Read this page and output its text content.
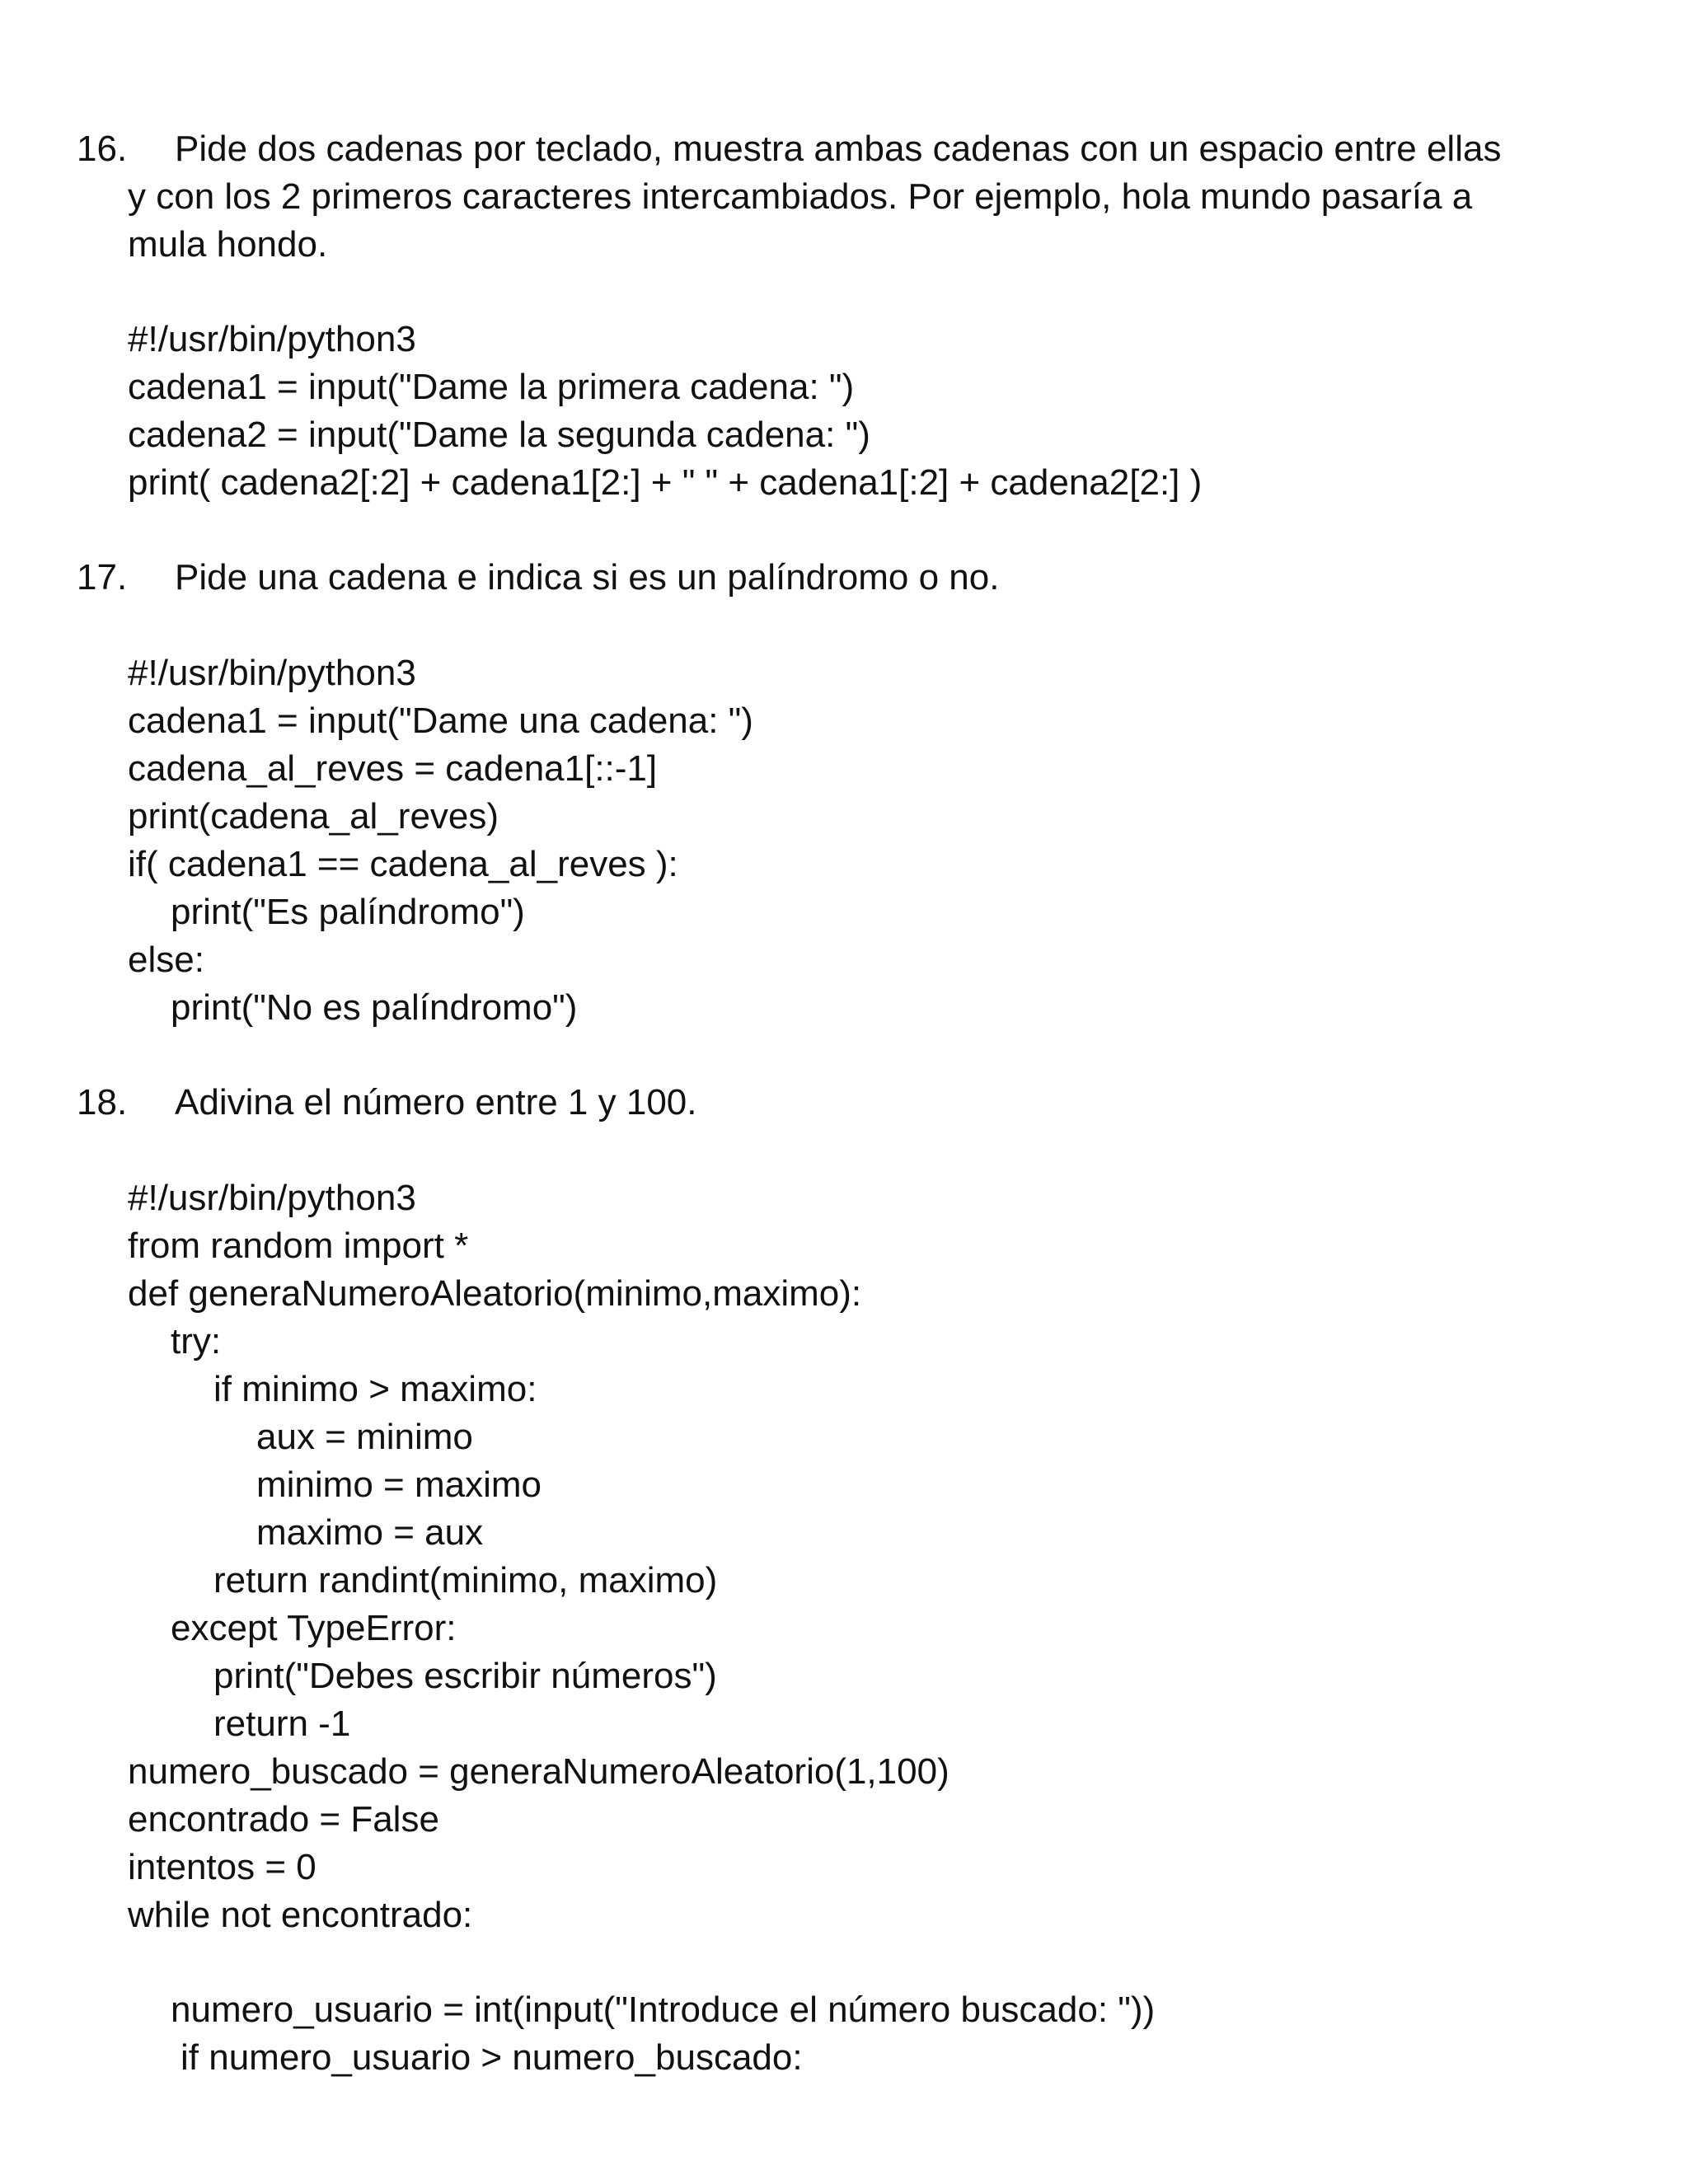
16. Pide dos cadenas por teclado, muestra ambas cadenas con un espacio entre ellas
y con los 2 primeros caracteres intercambiados. Por ejemplo, hola mundo pasaría a
mula hondo.
#!/usr/bin/python3
cadena1 = input("Dame la primera cadena: ")
cadena2 = input("Dame la segunda cadena: ")
print( cadena2[:2] + cadena1[2:] + " " + cadena1[:2] + cadena2[2:] )
17. Pide una cadena e indica si es un palíndromo o no.
#!/usr/bin/python3
cadena1 = input("Dame una cadena: ")
cadena_al_reves = cadena1[::-1]
print(cadena_al_reves)
if( cadena1 == cadena_al_reves ):
print("Es palíndromo")
else:
print("No es palíndromo")
18. Adivina el número entre 1 y 100.
#!/usr/bin/python3
from random import *
def generaNumeroAleatorio(minimo,maximo):
try:
if minimo > maximo:
aux = minimo
minimo = maximo
maximo = aux
return randint(minimo, maximo)
except TypeError:
print("Debes escribir números")
return -1
numero_buscado = generaNumeroAleatorio(1,100)
encontrado = False
intentos = 0
while not encontrado:
numero_usuario = int(input("Introduce el número buscado: "))
if numero_usuario > numero_buscado:
